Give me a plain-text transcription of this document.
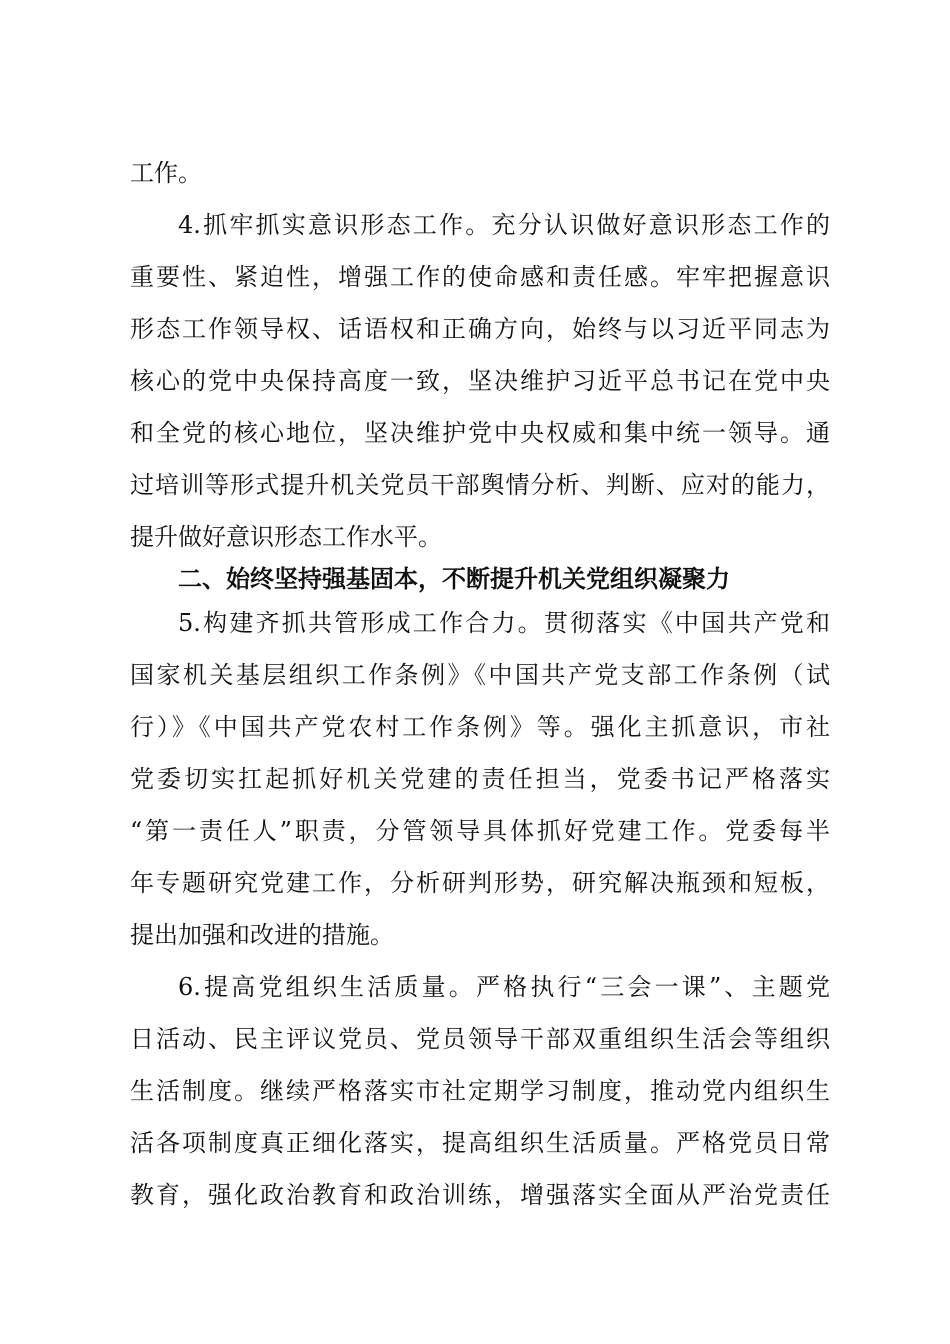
工作。
4.抓牢抓实意识形态工作。充分认识做好意识形态工作的
重要性、紧迫性，增强工作的使命感和责任感。牢牢把握意识
形态工作领导权、话语权和正确方向，始终与以习近平同志为
核心的党中央保持高度一致，坚决维护习近平总书记在党中央
和全党的核心地位，坚决维护党中央权威和集中统一领导。通
过培训等形式提升机关党员干部舆情分析、判断、应对的能力，
提升做好意识形态工作水平。
二、始终坚持强基固本，不断提升机关党组织凝聚力
5.构建齐抓共管形成工作合力。贯彻落实《中国共产党和
国家机关基层组织工作条例》《中国共产党支部工作条例（试
行）》《中国共产党农村工作条例》等。强化主抓意识，市社
党委切实扛起抓好机关党建的责任担当，党委书记严格落实
“第一责任人”职责，分管领导具体抓好党建工作。党委每半
年专题研究党建工作，分析研判形势，研究解决瓶颈和短板，
提出加强和改进的措施。
6.提高党组织生活质量。严格执行“三会一课”、主题党
日活动、民主评议党员、党员领导干部双重组织生活会等组织
生活制度。继续严格落实市社定期学习制度，推动党内组织生
活各项制度真正细化落实，提高组织生活质量。严格党员日常
教育，强化政治教育和政治训练，增强落实全面从严治党责任
